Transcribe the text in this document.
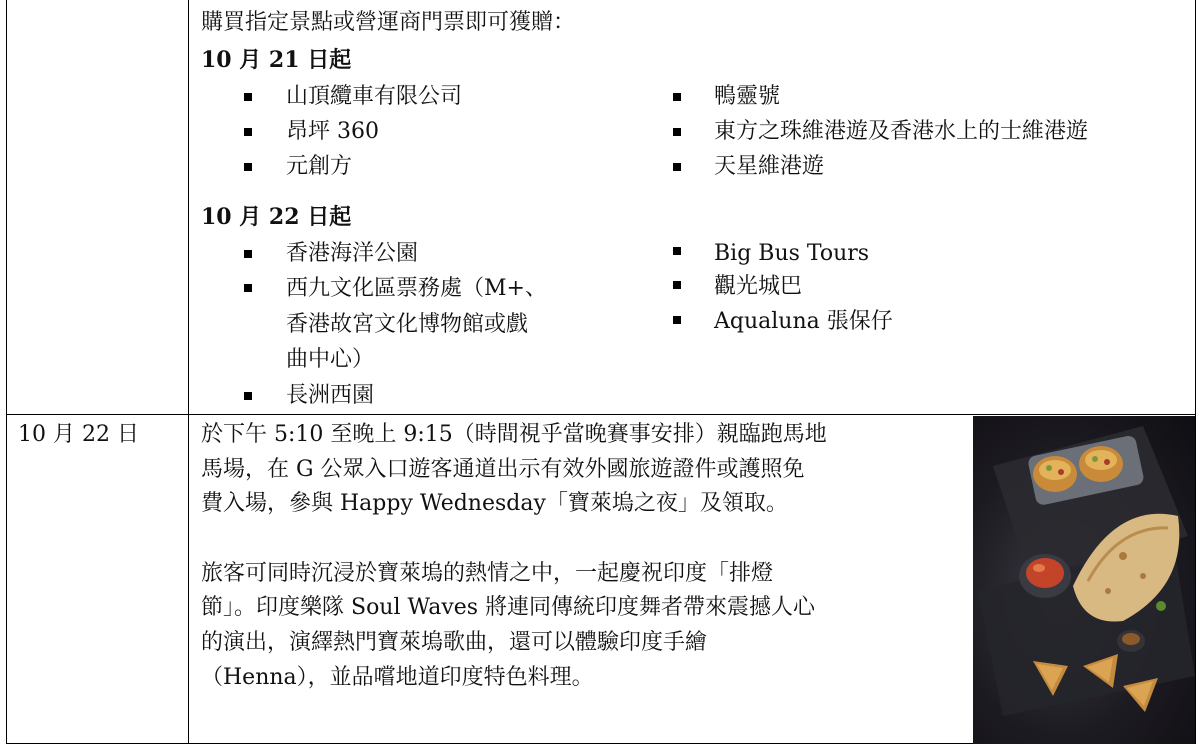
購買指定景點或營運商門票即可獲贈：
10 月 21 日起
山頂纜車有限公司
昂坪 360
元創方
鴨靈號
東方之珠維港遊及香港水上的士維港遊
天星維港遊
10 月 22 日起
香港海洋公園
西九文化區票務處（M+、
香港故宮文化博物館或戲
曲中心）
長洲西園
Big Bus Tours
觀光城巴
Aqualuna 張保仔
10 月 22 日	於下午 5:10 至晚上 9:15（時間視乎當晚賽事安排）親臨跑馬地
馬場，在 G 公眾入口遊客通道出示有效外國旅遊證件或護照免
費入場，參與 Happy Wednesday「寶萊塢之夜」及領取。
旅客可同時沉浸於寶萊塢的熱情之中，一起慶祝印度「排燈
節」。印度樂隊 Soul Waves 將連同傳統印度舞者帶來震撼人心
的演出，演繹熱門寶萊塢歌曲，還可以體驗印度手繪
（Henna），並品嚐地道印度特色料理。
